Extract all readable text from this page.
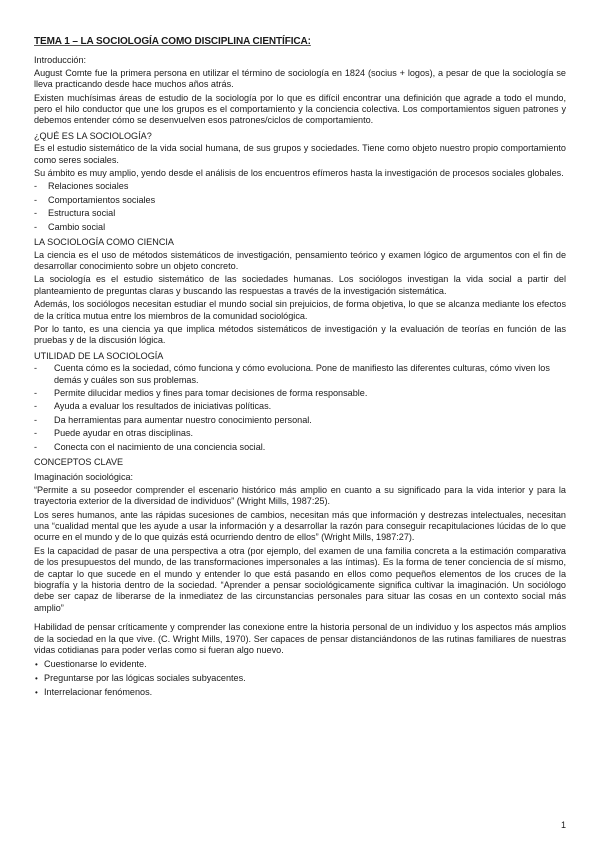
TEMA 1 – LA SOCIOLOGÍA COMO DISCIPLINA CIENTÍFICA:
Introducción:

August Comte fue la primera persona en utilizar el término de sociología en 1824 (socius + logos), a pesar de que la sociología se lleva practicando desde hace muchos años atrás.

Existen muchísimas áreas de estudio de la sociología por lo que es difícil encontrar una definición que agrade a todo el mundo, pero el hilo conductor que une los grupos es el comportamiento y la conciencia colectiva. Los comportamientos siguen patrones y debemos entender cómo se desenvuelven esos patrones/ciclos de comportamiento.

¿QUÉ ES LA SOCIOLOGÍA?

Es el estudio sistemático de la vida social humana, de sus grupos y sociedades. Tiene como objeto nuestro propio comportamiento como seres sociales.

Su ámbito es muy amplio, yendo desde el análisis de los encuentros efímeros hasta la investigación de procesos sociales globales.

- Relaciones sociales
- Comportamientos sociales
- Estructura social
- Cambio social
LA SOCIOLOGÍA COMO CIENCIA

La ciencia es el uso de métodos sistemáticos de investigación, pensamiento teórico y examen lógico de argumentos con el fin de desarrollar conocimiento sobre un objeto concreto.

La sociología es el estudio sistemático de las sociedades humanas. Los sociólogos investigan la vida social a partir del planteamiento de preguntas claras y buscando las respuestas a través de la investigación sistemática.

Además, los sociólogos necesitan estudiar el mundo social sin prejuicios, de forma objetiva, lo que se alcanza mediante los efectos de la crítica mutua entre los miembros de la comunidad sociológica.

Por lo tanto, es una ciencia ya que implica métodos sistemáticos de investigación y la evaluación de teorías en función de las pruebas y de la discusión lógica.

UTILIDAD DE LA SOCIOLOGÍA
- Cuenta cómo es la sociedad, cómo funciona y cómo evoluciona. Pone de manifiesto las diferentes culturas, cómo viven los demás y cuáles son sus problemas.
- Permite dilucidar medios y fines para tomar decisiones de forma responsable.
- Ayuda a evaluar los resultados de iniciativas políticas.
- Da herramientas para aumentar nuestro conocimiento personal.
- Puede ayudar en otras disciplinas.
- Conecta con el nacimiento de una conciencia social.
CONCEPTOS CLAVE
Imaginación sociológica:

“Permite a su poseedor comprender el escenario histórico más amplio en cuanto a su significado para la vida interior y para la trayectoria exterior de la diversidad de individuos” (Wright Mills, 1987:25).

Los seres humanos, ante las rápidas sucesiones de cambios, necesitan más que información y destrezas intelectuales, necesitan una “cualidad mental que les ayude a usar la información y a desarrollar la razón para conseguir recapitulaciones lúcidas de lo que ocurre en el mundo y de lo que quizás está ocurriendo dentro de ellos” (Wright Mills, 1987:27).

Es la capacidad de pasar de una perspectiva a otra (por ejemplo, del examen de una familia concreta a la estimación comparativa de los presupuestos del mundo, de las transformaciones impersonales a las íntimas). Es la forma de tener conciencia de sí mismo, de captar lo que sucede en el mundo y entender lo que está pasando en ellos como pequeños elementos de los cruces de la biografía y la historia dentro de la sociedad. “Aprender a pensar sociológicamente significa cultivar la imaginación. Un sociólogo debe ser capaz de liberarse de la inmediatez de las circunstancias personales para situar las cosas en un contexto social más amplio”

Habilidad de pensar críticamente y comprender las conexione entre la historia personal de un individuo y los aspectos más amplios de la sociedad en la que vive. (C. Wright Mills, 1970). Ser capaces de pensar distanciándonos de las rutinas familiares de nuestras vidas cotidianas para poder verlas como si fueran algo nuevo.

• Cuestionarse lo evidente.
• Preguntarse por las lógicas sociales subyacentes.
• Interrelacionar fenómenos.
1
